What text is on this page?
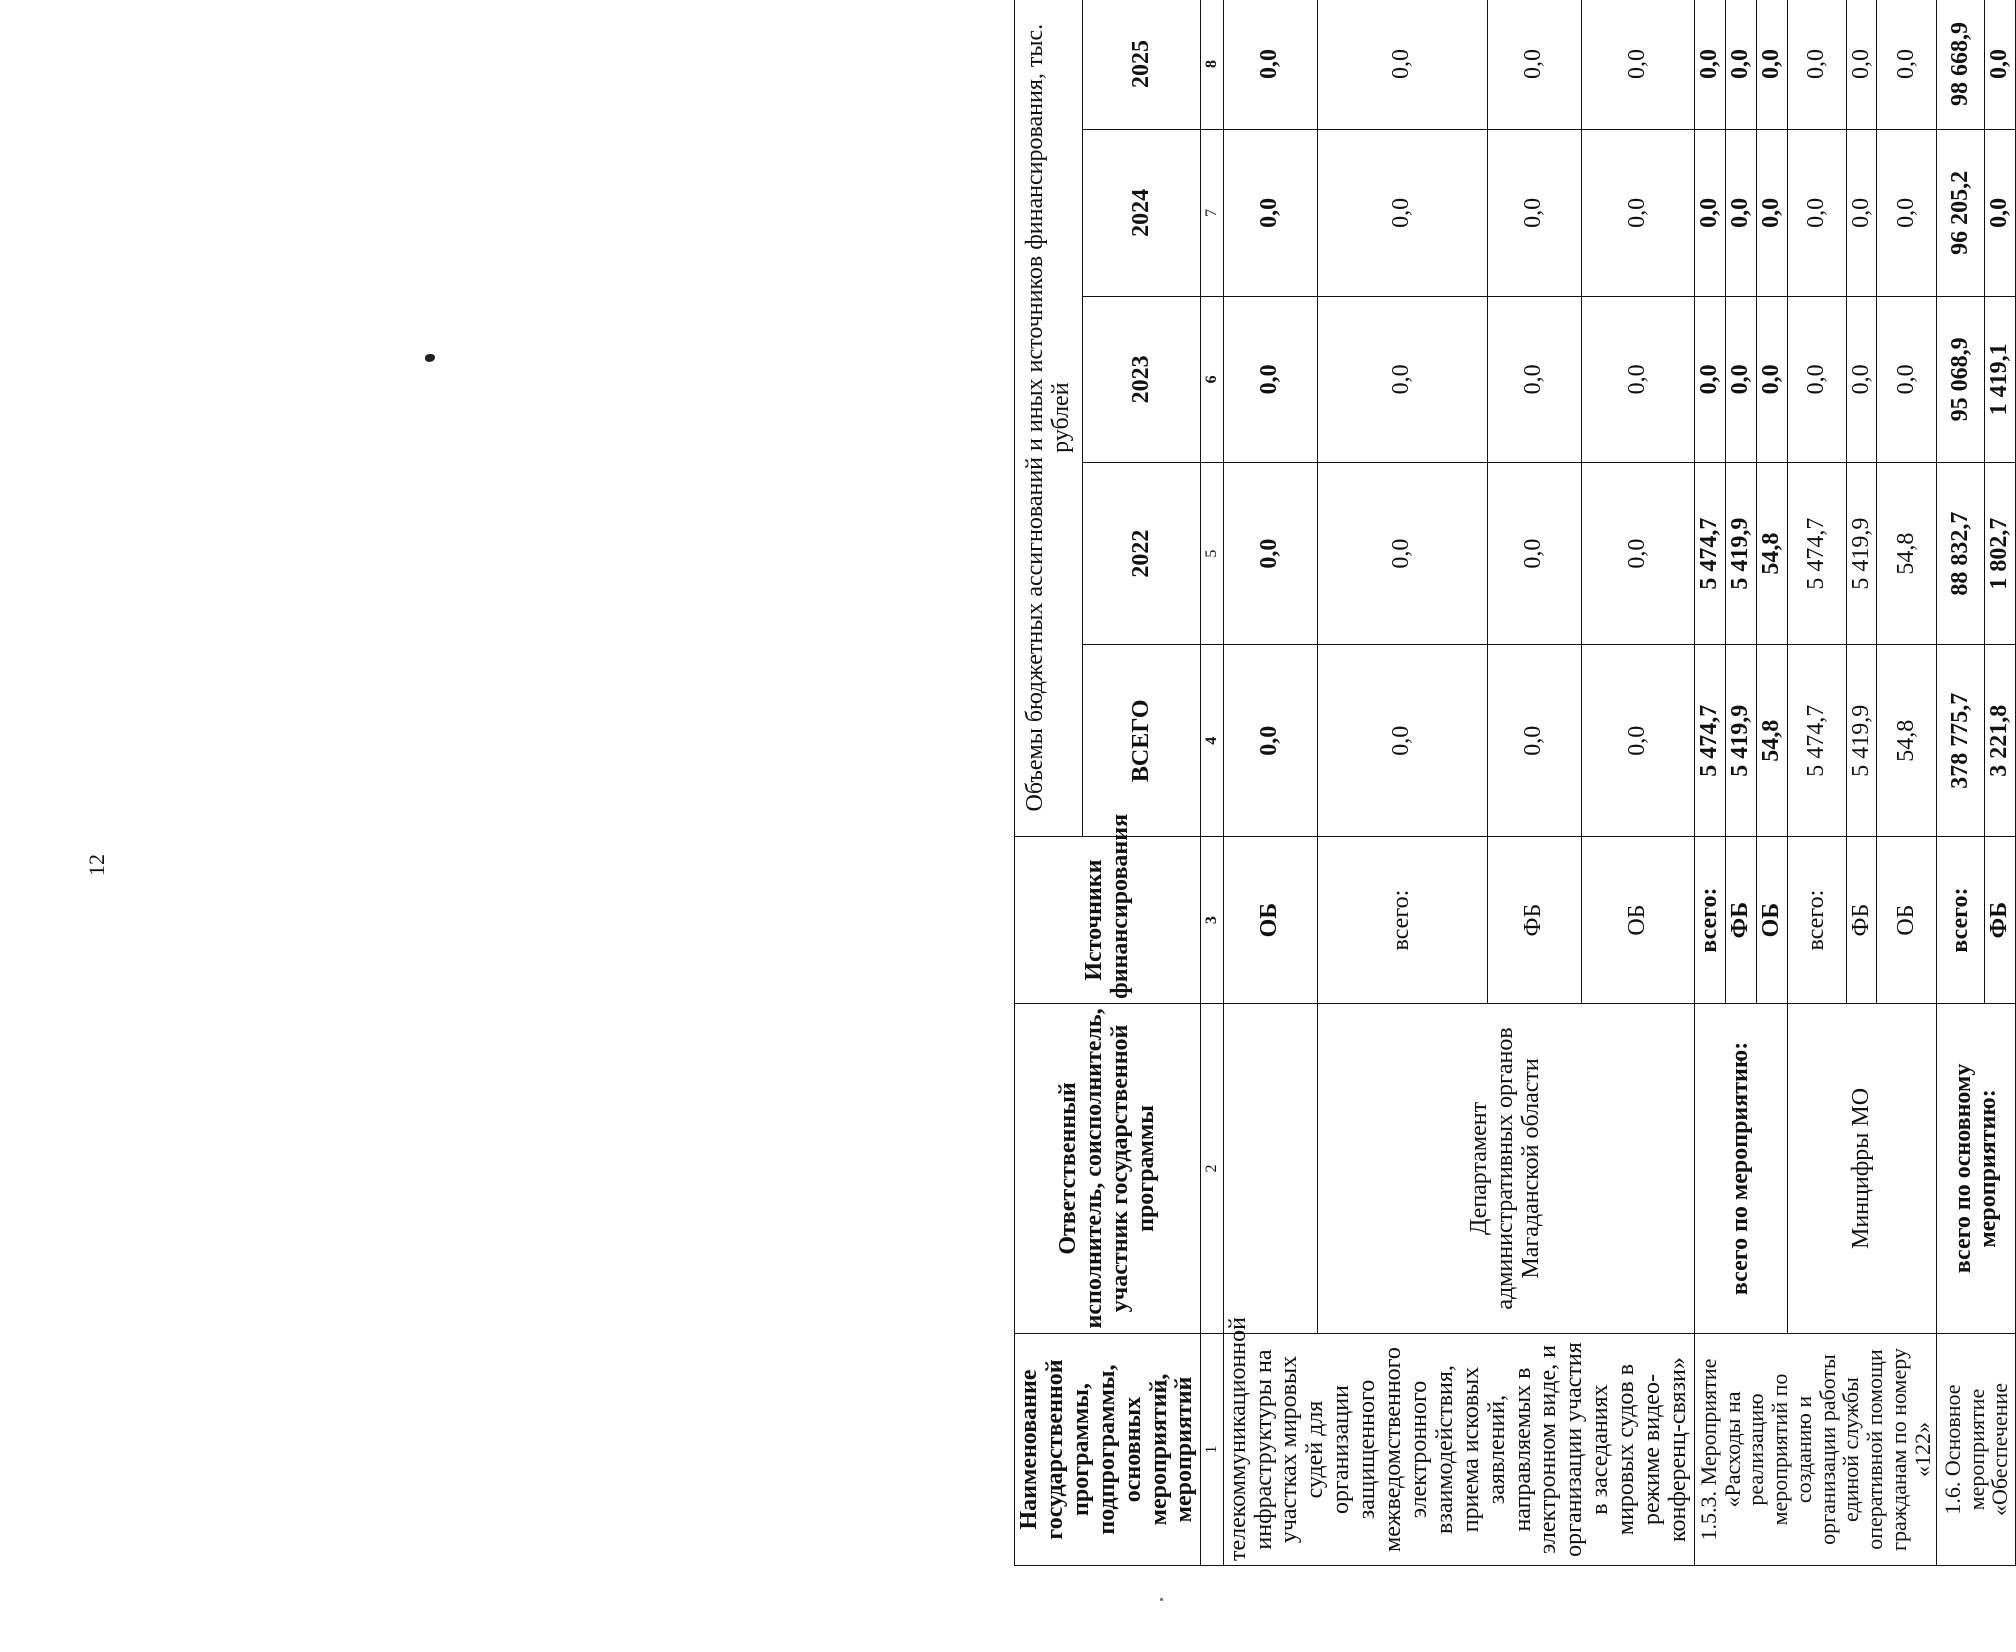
12
Наименование государственной программы, подпрограммы, основных мероприятий, мероприятий	Ответственный исполнитель, соисполнитель, участник государственной программы	Источники финансирования	Объемы бюджетных ассигнований и иных источников финансирования, тыс. рублей				
			ВСЕГО	2022	2023	2024	2025
1	2	3	4	5	6	7	8
телекоммуникационной инфраструктуры на участках мировых судей для организации защищенного межведомственного электронного взаимодействия, приема исковых заявлений, направляемых в электронном виде, и организации участия в заседаниях мировых судов в режиме видео-конференц-связи»		ОБ	0,0	0,0	0,0	0,0	0,0
	Департамент административных органов Магаданской области	всего:	0,0	0,0	0,0	0,0	0,0
		ФБ	0,0	0,0	0,0	0,0	0,0
		ОБ	0,0	0,0	0,0	0,0	0,0
1.5.3. Мероприятие «Расходы на реализацию мероприятий по созданию и организации работы единой службы оперативной помощи гражданам по номеру «122»	всего по мероприятию:	всего:	5 474,7	5 474,7	0,0	0,0	0,0
		ФБ	5 419,9	5 419,9	0,0	0,0	0,0
		ОБ	54,8	54,8	0,0	0,0	0,0
	Минцифры МО	всего:	5 474,7	5 474,7	0,0	0,0	0,0
		ФБ	5 419,9	5 419,9	0,0	0,0	0,0
		ОБ	54,8	54,8	0,0	0,0	0,0
1.6. Основное мероприятие «Обеспечение	всего по основному мероприятию:	всего:	378 775,7	88 832,7	95 068,9	96 205,2	98 668,9
		ФБ	3 221,8	1 802,7	1 419,1	0,0	0,0
